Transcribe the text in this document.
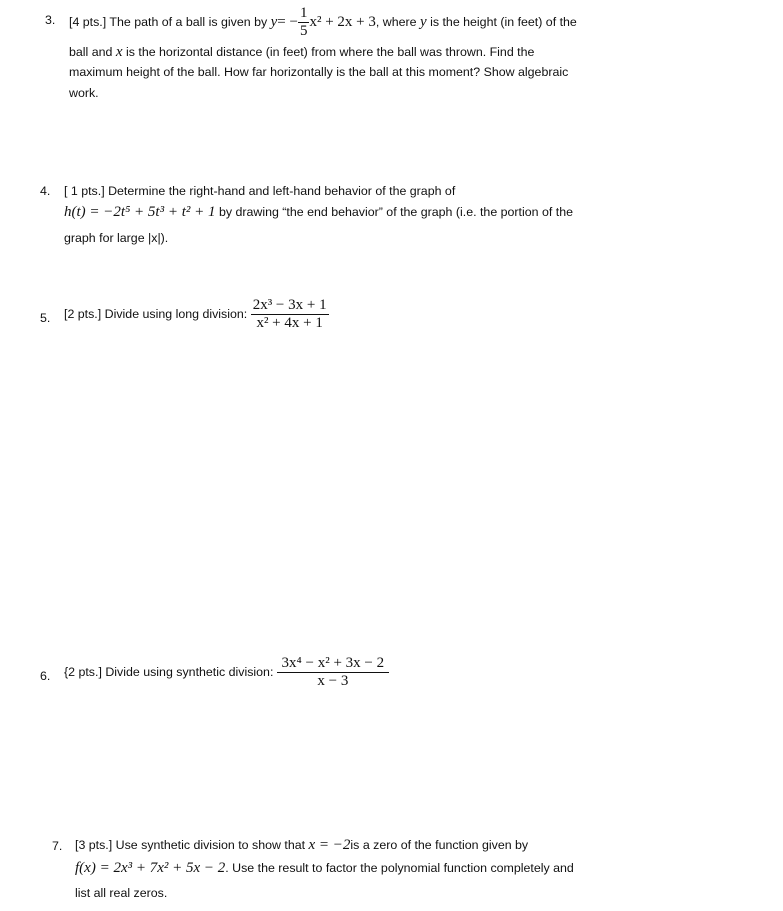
3. [4 pts.] The path of a ball is given by $y= - \frac{1}{5} x^2 + 2x + 3$, where y is the height (in feet) of the
ball and x is the horizontal distance (in feet) from where the ball was thrown. Find the
maximum height of the ball. How far horizontally is the ball at this moment? Show algebraic
work.
4. [ 1 pts.] Determine the right-hand and left-hand behavior of the graph of
h(t) = −2t⁵ + 5t³ + t² + 1 by drawing “the end behavior” of the graph (i.e. the portion of the
graph for large |x|).
5. [2 pts.] Divide using long division: $\frac{\text{2x³ − 3x + 1}}{\text{x² + 4x + 1}}$
6. {2 pts.] Divide using synthetic division: $\frac{\text{3x⁴ − x² + 3x − 2}}{x - 3}$
7. [3 pts.] Use synthetic division to show that x = −2is a zero of the function given by
f(x) = 2x³ + 7x² + 5x − 2. Use the result to factor the polynomial function completely and
list all real zeros.
